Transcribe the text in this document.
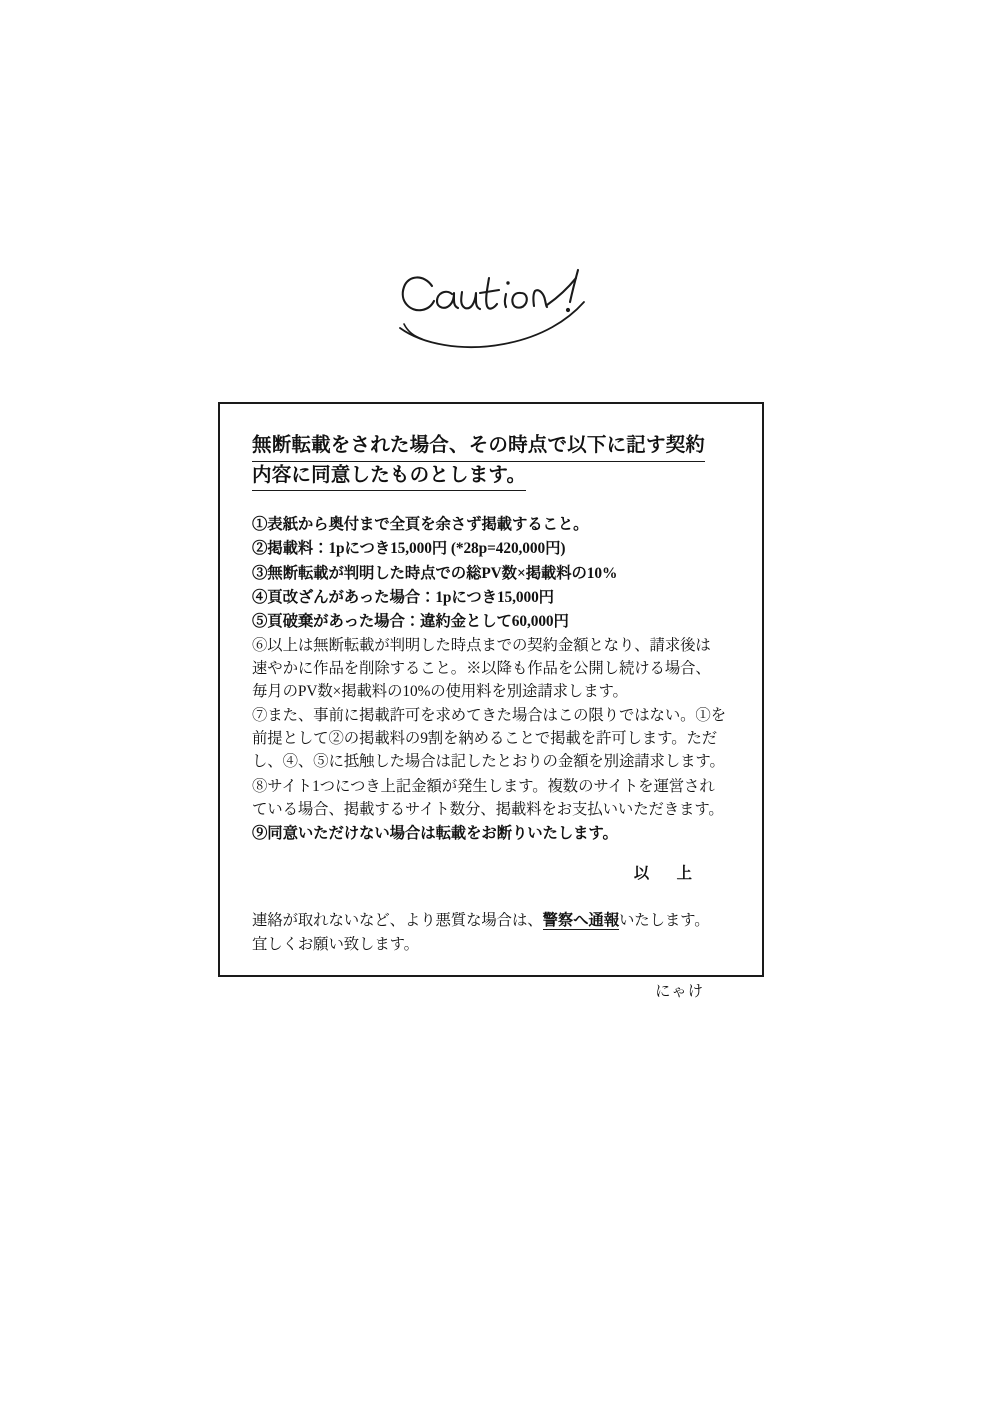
無断転載をされた場合、その時点で以下に記す契約
内容に同意したものとします。
①表紙から奥付まで全頁を余さず掲載すること。
②掲載料：1pにつき15,000円 (*28p=420,000円)
③無断転載が判明した時点での総PV数×掲載料の10%
④頁改ざんがあった場合：1pにつき15,000円
⑤頁破棄があった場合：違約金として60,000円
⑥以上は無断転載が判明した時点までの契約金額となり、請求後は
速やかに作品を削除すること。※以降も作品を公開し続ける場合、
毎月のPV数×掲載料の10%の使用料を別途請求します。
⑦また、事前に掲載許可を求めてきた場合はこの限りではない。①を
前提として②の掲載料の9割を納めることで掲載を許可します。ただ
し、④、⑤に抵触した場合は記したとおりの金額を別途請求します。
⑧サイト1つにつき上記金額が発生します。複数のサイトを運営され
ている場合、掲載するサイト数分、掲載料をお支払いいただきます。
⑨同意いただけない場合は転載をお断りいたします。
以　上
連絡が取れないなど、より悪質な場合は、警察へ通報いたします。
宜しくお願い致します。
にゃけ
